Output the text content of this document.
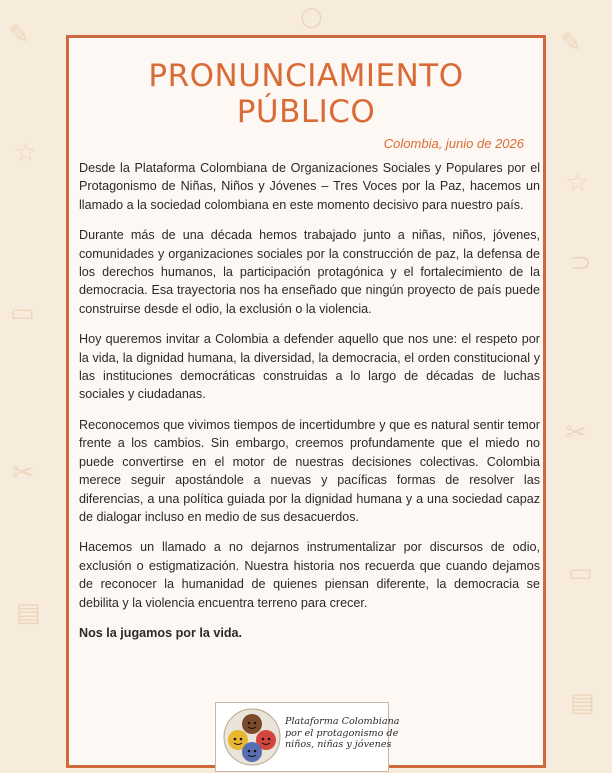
✎
☆
▭
✂
▤
✎
☆
⊃
✂
▭
▤
○
PRONUNCIAMIENTO
PÚBLICO

Colombia, junio de 2026

Desde la Plataforma Colombiana de Organizaciones Sociales y Populares por el Protagonismo de Niñas, Niños y Jóvenes – Tres Voces por la Paz, hacemos un llamado a la sociedad colombiana en este momento decisivo para nuestro país.

Durante más de una década hemos trabajado junto a niñas, niños, jóvenes, comunidades y organizaciones sociales por la construcción de paz, la defensa de los derechos humanos, la participación protagónica y el fortalecimiento de la democracia. Esa trayectoria nos ha enseñado que ningún proyecto de país puede construirse desde el odio, la exclusión o la violencia.

Hoy queremos invitar a Colombia a defender aquello que nos une: el respeto por la vida, la dignidad humana, la diversidad, la democracia, el orden constitucional y las instituciones democráticas construidas a lo largo de décadas de luchas sociales y ciudadanas.

Reconocemos que vivimos tiempos de incertidumbre y que es natural sentir temor frente a los cambios. Sin embargo, creemos profundamente que el miedo no puede convertirse en el motor de nuestras decisiones colectivas. Colombia merece seguir apostándole a nuevas y pacíficas formas de resolver las diferencias, a una política guiada por la dignidad humana y a una sociedad capaz de dialogar incluso en medio de sus desacuerdos.

Hacemos un llamado a no dejarnos instrumentalizar por discursos de odio, exclusión o estigmatización. Nuestra historia nos recuerda que cuando dejamos de reconocer la humanidad de quienes piensan diferente, la democracia se debilita y la violencia encuentra terreno para crecer.

Nos la jugamos por la vida.

Plataforma Colombiana
por el protagonismo de
niños, niñas y jóvenes
